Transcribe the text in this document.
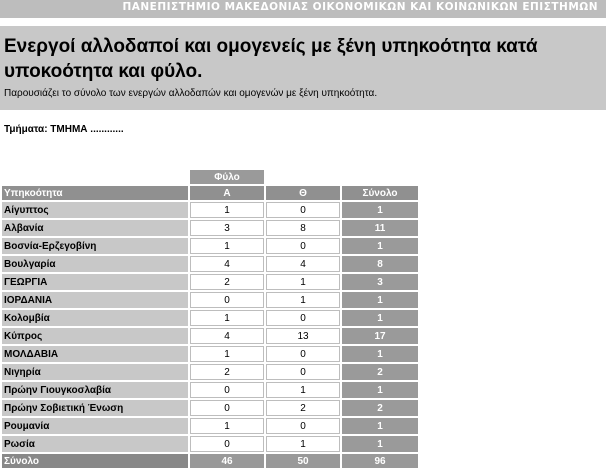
ΠΑΝΕΠΙΣΤΗΜΙΟ ΜΑΚΕΔΟΝΙΑΣ ΟΙΚΟΝΟΜΙΚΩΝ ΚΑΙ ΚΟΙΝΩΝΙΚΩΝ ΕΠΙΣΤΗΜΩΝ
Ενεργοί αλλοδαποί και ομογενείς με ξένη υπηκοότητα κατά υποκοότητα και φύλο.
Παρουσιάζει το σύνολο των ενεργών αλλοδαπών και ομογενών με ξένη υπηκοότητα.
Τμήματα: ΤΜΗΜΑ ............
	Φύλο		
Υπηκοότητα	Α	Θ	Σύνολο
Αίγυπτος	1	0	1
Αλβανία	3	8	11
Βοσνία-Ερζεγοβίνη	1	0	1
Βουλγαρία	4	4	8
ΓΕΩΡΓΙΑ	2	1	3
ΙΟΡΔΑΝΙΑ	0	1	1
Κολομβία	1	0	1
Κύπρος	4	13	17
ΜΟΛΔΑΒΙΑ	1	0	1
Νιγηρία	2	0	2
Πρώην Γιουγκοσλαβία	0	1	1
Πρώην Σοβιετική Ένωση	0	2	2
Ρουμανία	1	0	1
Ρωσία	0	1	1
Σύνολο	46	50	96
